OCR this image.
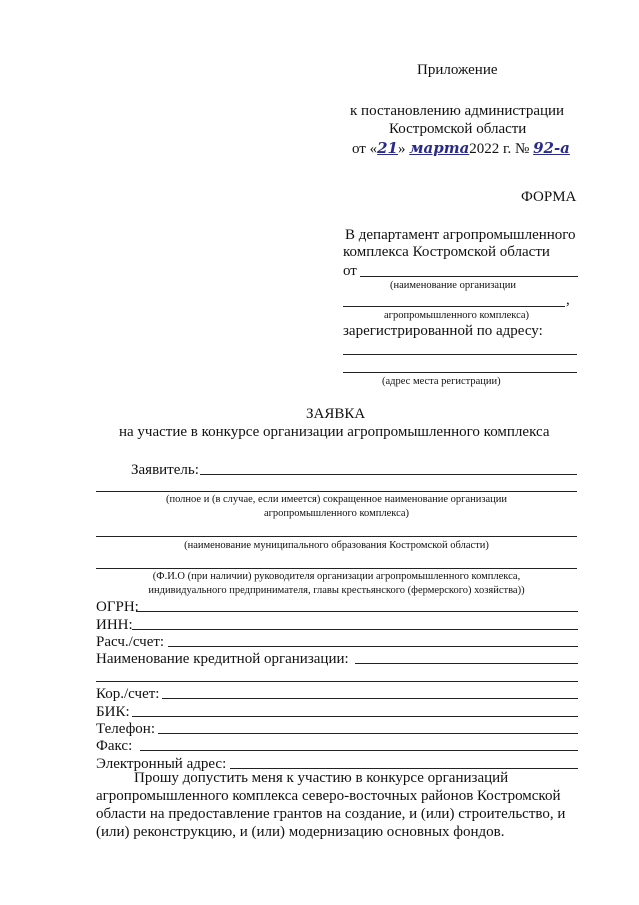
Приложение
к постановлению администрации
Костромской области
от «21» марта2022 г. № 92-а
ФОРМА
В департамент агропромышленного
комплекса Костромской области
от
(наименование организации
,
агропромышленного комплекса)
зарегистрированной по адресу:
(адрес места регистрации)
ЗАЯВКА
на участие в конкурсе организации агропромышленного комплекса
Заявитель:
(полное и (в случае, если имеется) сокращенное наименование организации
агропромышленного комплекса)
(наименование муниципального образования Костромской области)
(Ф.И.О (при наличии) руководителя организации агропромышленного комплекса,
индивидуального предпринимателя, главы крестьянского (фермерского) хозяйства))
ОГРН:
ИНН:
Расч./счет:
Наименование кредитной организации:
Кор./счет:
БИК:
Телефон:
Факс:
Электронный адрес:
Прошу допустить меня к участию в конкурсе организаций
агропромышленного комплекса северо-восточных районов Костромской
области на предоставление грантов на создание, и (или) строительство, и
(или) реконструкцию, и (или) модернизацию основных фондов.
